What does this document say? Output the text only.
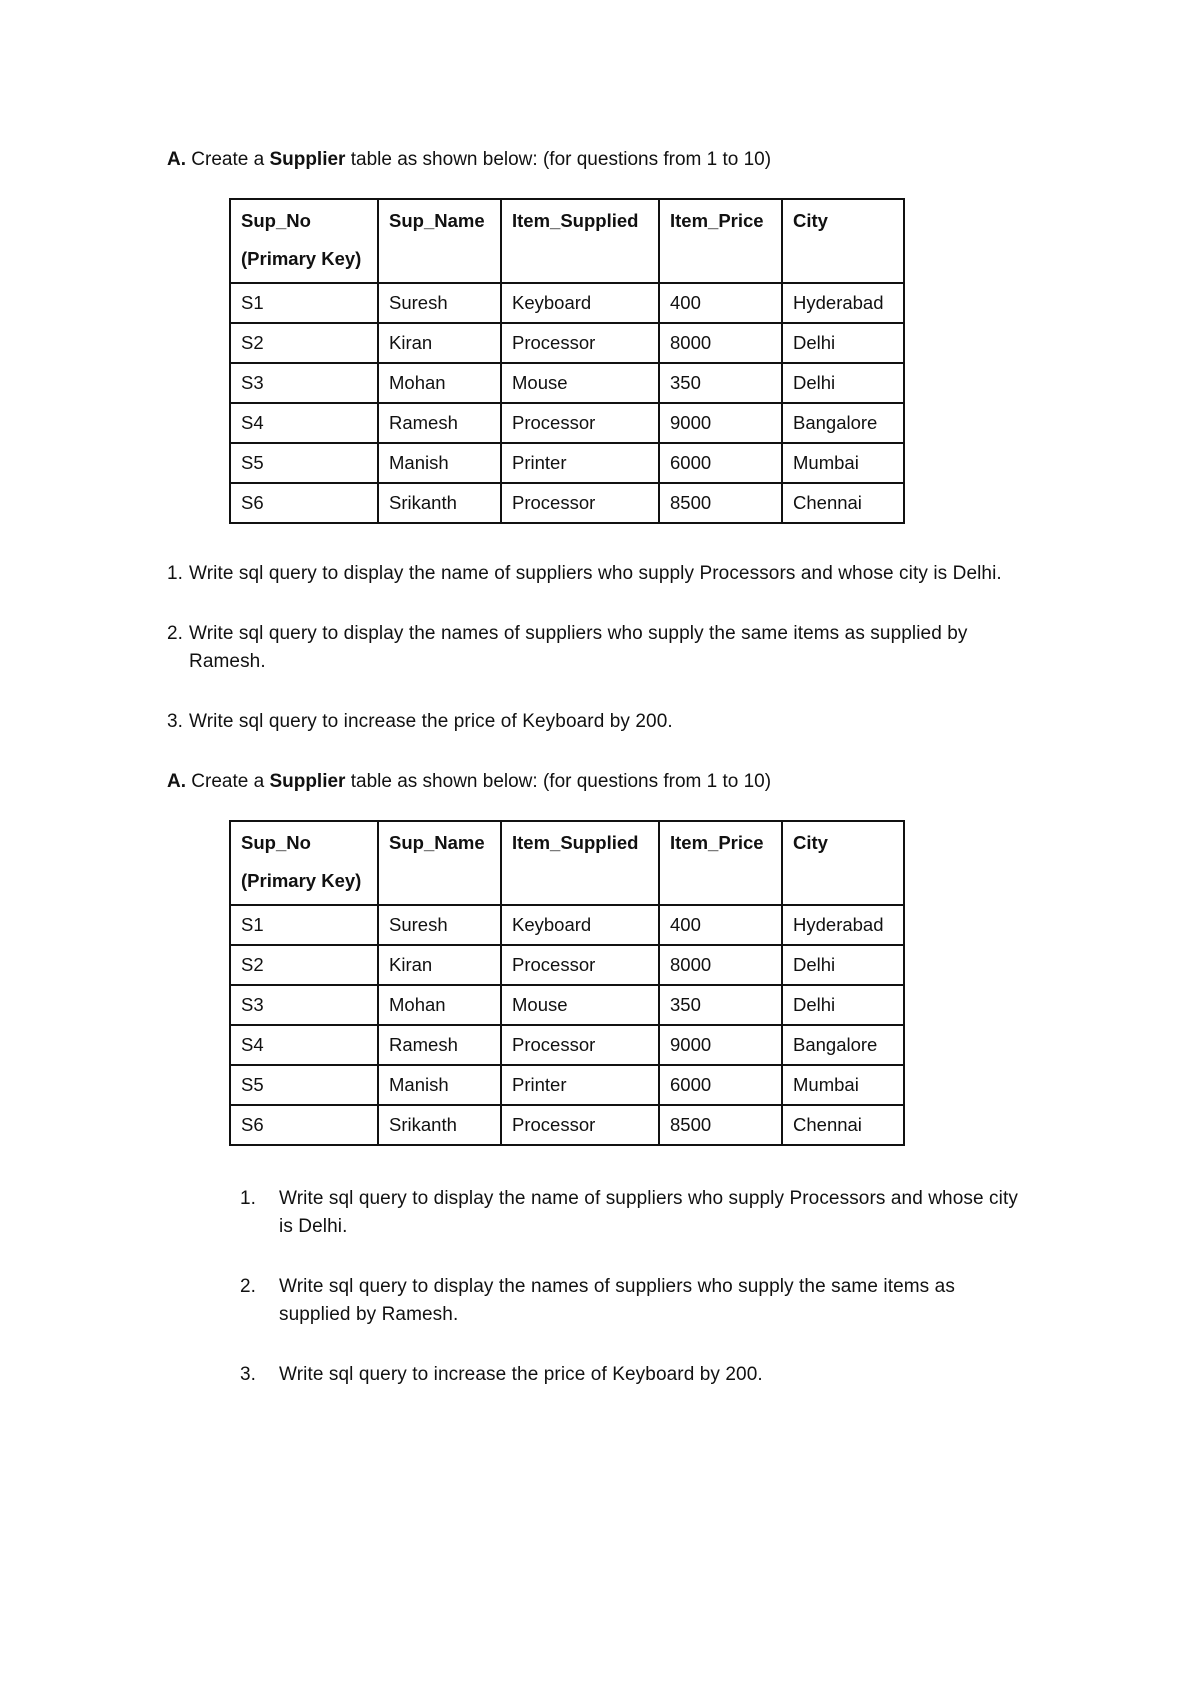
A. Create a Supplier table as shown below: (for questions from 1 to 10)
Sup_No
(Primary Key)	Sup_Name	Item_Supplied	Item_Price	City
S1	Suresh	Keyboard	400	Hyderabad
S2	Kiran	Processor	8000	Delhi
S3	Mohan	Mouse	350	Delhi
S4	Ramesh	Processor	9000	Bangalore
S5	Manish	Printer	6000	Mumbai
S6	Srikanth	Processor	8500	Chennai
1. Write sql query to display the name of suppliers who supply Processors and whose city is Delhi.
2. Write sql query to display the names of suppliers who supply the same items as supplied by
Ramesh.
3. Write sql query to increase the price of Keyboard by 200.
A. Create a Supplier table as shown below: (for questions from 1 to 10)
Sup_No
(Primary Key)	Sup_Name	Item_Supplied	Item_Price	City
S1	Suresh	Keyboard	400	Hyderabad
S2	Kiran	Processor	8000	Delhi
S3	Mohan	Mouse	350	Delhi
S4	Ramesh	Processor	9000	Bangalore
S5	Manish	Printer	6000	Mumbai
S6	Srikanth	Processor	8500	Chennai
1. Write sql query to display the name of suppliers who supply Processors and whose city
is Delhi.
2. Write sql query to display the names of suppliers who supply the same items as
supplied by Ramesh.
3. Write sql query to increase the price of Keyboard by 200.
